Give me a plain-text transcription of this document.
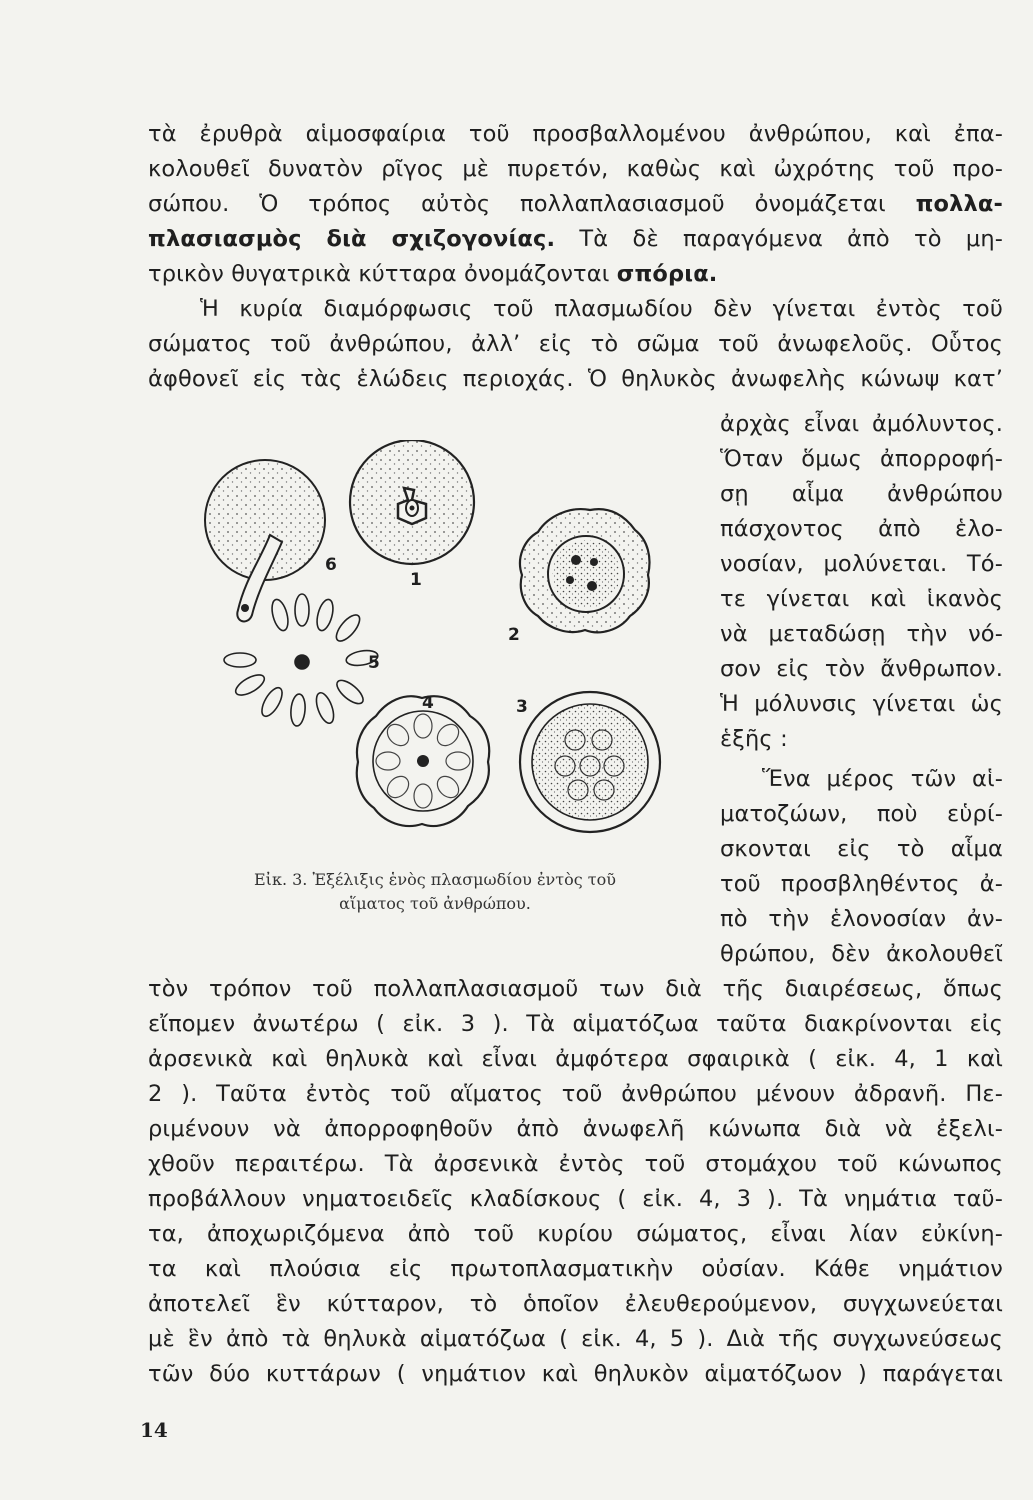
τὰ ἐρυθρὰ αἱμοσφαίρια τοῦ προσβαλλομένου ἀνθρώπου, καὶ ἐπα-
κολουθεῖ δυνατὸν ρῖγος μὲ πυρετόν, καθὼς καὶ ὠχρότης τοῦ προ-
σώπου. Ὁ τρόπος αὐτὸς πολλαπλασιασμοῦ ὀνομάζεται πολλα-
πλασιασμὸς διὰ σχιζογονίας. Τὰ δὲ παραγόμενα ἀπὸ τὸ μη-
τρικὸν θυγατρικὰ κύτταρα ὀνομάζονται σπόρια.
Ἡ κυρία διαμόρφωσις τοῦ πλασμωδίου δὲν γίνεται ἐντὸς τοῦ
σώματος τοῦ ἀνθρώπου, ἀλλ’ εἰς τὸ σῶμα τοῦ ἀνωφελοῦς. Οὗτος
ἀφθονεῖ εἰς τὰς ἑλώδεις περιοχάς. Ὁ θηλυκὸς ἀνωφελὴς κώνωψ κατ’
ἀρχὰς εἶναι ἀμόλυντος.
Ὅταν ὅμως ἀπορροφή-
σῃ αἷμα ἀνθρώπου
πάσχοντος ἀπὸ ἑλο-
νοσίαν, μολύνεται. Τό-
τε γίνεται καὶ ἱκανὸς
νὰ μεταδώσῃ τὴν νό-
σον εἰς τὸν ἄνθρωπον.
Ἡ μόλυνσις γίνεται ὡς
ἑξῆς :
Ἕνα μέρος τῶν αἱ-
ματοζώων, ποὺ εὑρί-
σκονται εἰς τὸ αἷμα
τοῦ προσβληθέντος ἀ-
πὸ τὴν ἑλονοσίαν ἀν-
θρώπου, δὲν ἀκολουθεῖ
6
1
2
5
4	3
Εἰκ. 3. Ἐξέλιξις ἑνὸς πλασμωδίου ἐντὸς τοῦ
αἵματος τοῦ ἀνθρώπου.
τὸν τρόπον τοῦ πολλαπλασιασμοῦ των διὰ τῆς διαιρέσεως, ὅπως
εἴπομεν ἀνωτέρω ( εἰκ. 3 ). Τὰ αἱματόζωα ταῦτα διακρίνονται εἰς
ἀρσενικὰ καὶ θηλυκὰ καὶ εἶναι ἀμφότερα σφαιρικὰ ( εἰκ. 4, 1 καὶ
2 ). Ταῦτα ἐντὸς τοῦ αἵματος τοῦ ἀνθρώπου μένουν ἀδρανῆ. Πε-
ριμένουν νὰ ἀπορροφηθοῦν ἀπὸ ἀνωφελῆ κώνωπα διὰ νὰ ἐξελι-
χθοῦν περαιτέρω. Τὰ ἀρσενικὰ ἐντὸς τοῦ στομάχου τοῦ κώνωπος
προβάλλουν νηματοειδεῖς κλαδίσκους ( εἰκ. 4, 3 ). Τὰ νημάτια ταῦ-
τα, ἀποχωριζόμενα ἀπὸ τοῦ κυρίου σώματος, εἶναι λίαν εὐκίνη-
τα καὶ πλούσια εἰς πρωτοπλασματικὴν οὐσίαν. Κάθε νημάτιον
ἀποτελεῖ ἓν κύτταρον, τὸ ὁποῖον ἐλευθερούμενον, συγχωνεύεται
μὲ ἓν ἀπὸ τὰ θηλυκὰ αἱματόζωα ( εἰκ. 4, 5 ). Διὰ τῆς συγχωνεύσεως
τῶν δύο κυττάρων ( νημάτιον καὶ θηλυκὸν αἱματόζωον ) παράγεται
14
